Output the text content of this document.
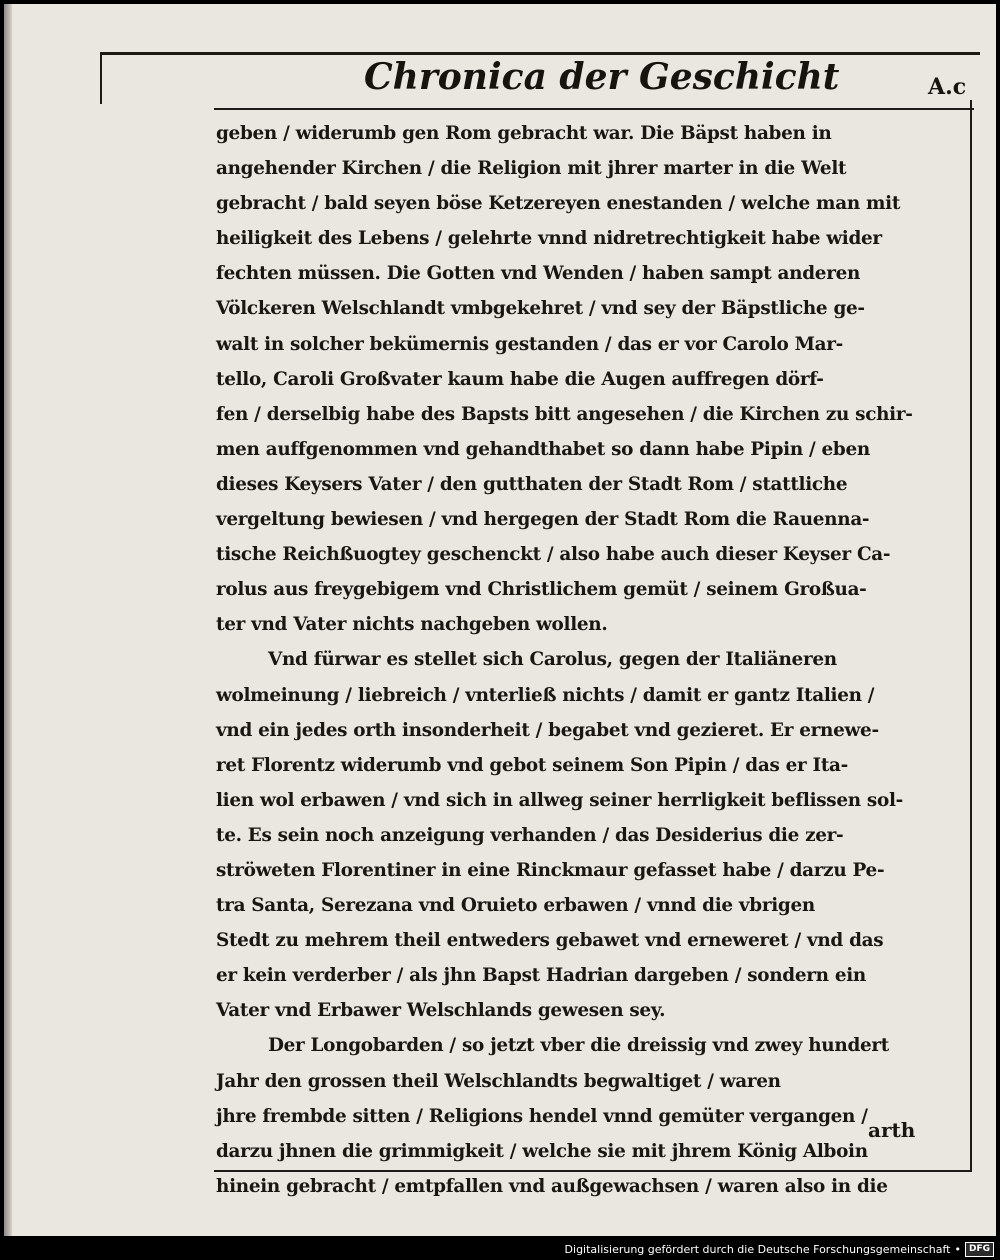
Chronica der Geschicht	A.c
geben / widerumb gen Rom gebracht war. Die Bäpst haben in
angehender Kirchen / die Religion mit jhrer marter in die Welt
gebracht / bald seyen böse Ketzereyen enestanden / welche man mit
heiligkeit des Lebens / gelehrte vnnd nidretrechtigkeit habe wider
fechten müssen. Die Gotten vnd Wenden / haben sampt anderen
Völckeren Welschlandt vmbgekehret / vnd sey der Bäpstliche ge-
walt in solcher bekümernis gestanden / das er vor Carolo Mar-
tello, Caroli Großvater kaum habe die Augen auffregen dörf-
fen / derselbig habe des Bapsts bitt angesehen / die Kirchen zu schir-
men auffgenommen vnd gehandthabet so dann habe Pipin / eben
dieses Keysers Vater / den gutthaten der Stadt Rom / stattliche
vergeltung bewiesen / vnd hergegen der Stadt Rom die Rauenna-
tische Reichßuogtey geschenckt / also habe auch dieser Keyser Ca-
rolus aus freygebigem vnd Christlichem gemüt / seinem Großua-
ter vnd Vater nichts nachgeben wollen.
Vnd fürwar es stellet sich Carolus, gegen der Italiäneren
wolmeinung / liebreich / vnterließ nichts / damit er gantz Italien /
vnd ein jedes orth insonderheit / begabet vnd gezieret. Er ernewe-
ret Florentz widerumb vnd gebot seinem Son Pipin / das er Ita-
lien wol erbawen / vnd sich in allweg seiner herrligkeit beflissen sol-
te. Es sein noch anzeigung verhanden / das Desiderius die zer-
ströweten Florentiner in eine Rinckmaur gefasset habe / darzu Pe-
tra Santa, Serezana vnd Oruieto erbawen / vnnd die vbrigen
Stedt zu mehrem theil entweders gebawet vnd erneweret / vnd das
er kein verderber / als jhn Bapst Hadrian dargeben / sondern ein
Vater vnd Erbawer Welschlands gewesen sey.
Der Longobarden / so jetzt vber die dreissig vnd zwey hundert
Jahr den grossen theil Welschlandts begwaltiget / waren
jhre frembde sitten / Religions hendel vnnd gemüter vergangen /
darzu jhnen die grimmigkeit / welche sie mit jhrem König Alboin
hinein gebracht / emtpfallen vnd außgewachsen / waren also in die
arth
Digitalisierung gefördert durch die Deutsche Forschungsgemeinschaft • DFG
